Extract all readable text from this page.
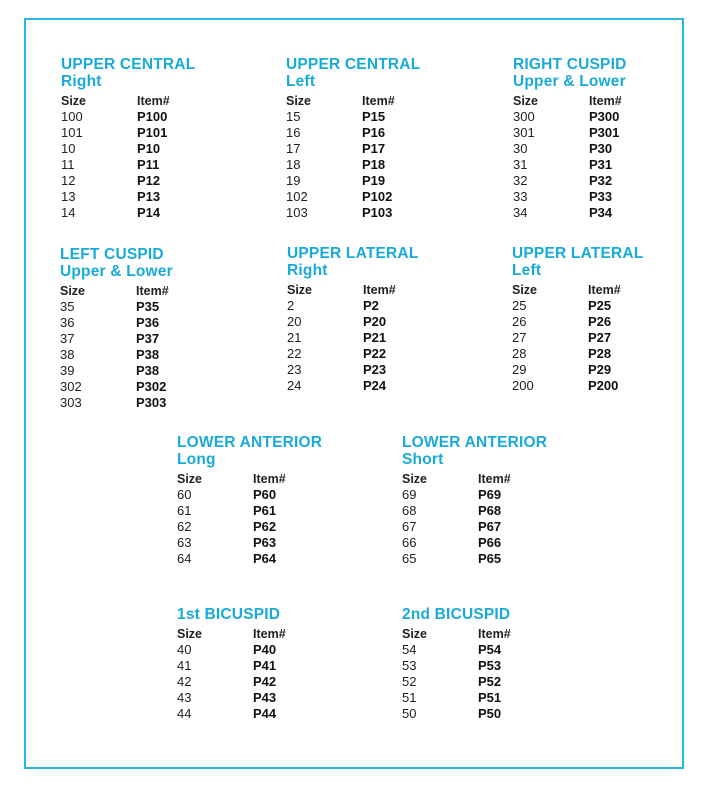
UPPER CENTRAL
Right
Size	Item#
100	P100
101	P101
10	P10
11	P11
12	P12
13	P13
14	P14
UPPER CENTRAL
Left
Size	Item#
15	P15
16	P16
17	P17
18	P18
19	P19
102	P102
103	P103
RIGHT CUSPID
Upper & Lower
Size	Item#
300	P300
301	P301
30	P30
31	P31
32	P32
33	P33
34	P34
LEFT CUSPID
Upper & Lower
Size	Item#
35	P35
36	P36
37	P37
38	P38
39	P38
302	P302
303	P303
UPPER LATERAL
Right
Size	Item#
2	P2
20	P20
21	P21
22	P22
23	P23
24	P24
UPPER LATERAL
Left
Size	Item#
25	P25
26	P26
27	P27
28	P28
29	P29
200	P200
LOWER ANTERIOR
Long
Size	Item#
60	P60
61	P61
62	P62
63	P63
64	P64
LOWER ANTERIOR
Short
Size	Item#
69	P69
68	P68
67	P67
66	P66
65	P65
1st BICUSPID
Size	Item#
40	P40
41	P41
42	P42
43	P43
44	P44
2nd BICUSPID
Size	Item#
54	P54
53	P53
52	P52
51	P51
50	P50
